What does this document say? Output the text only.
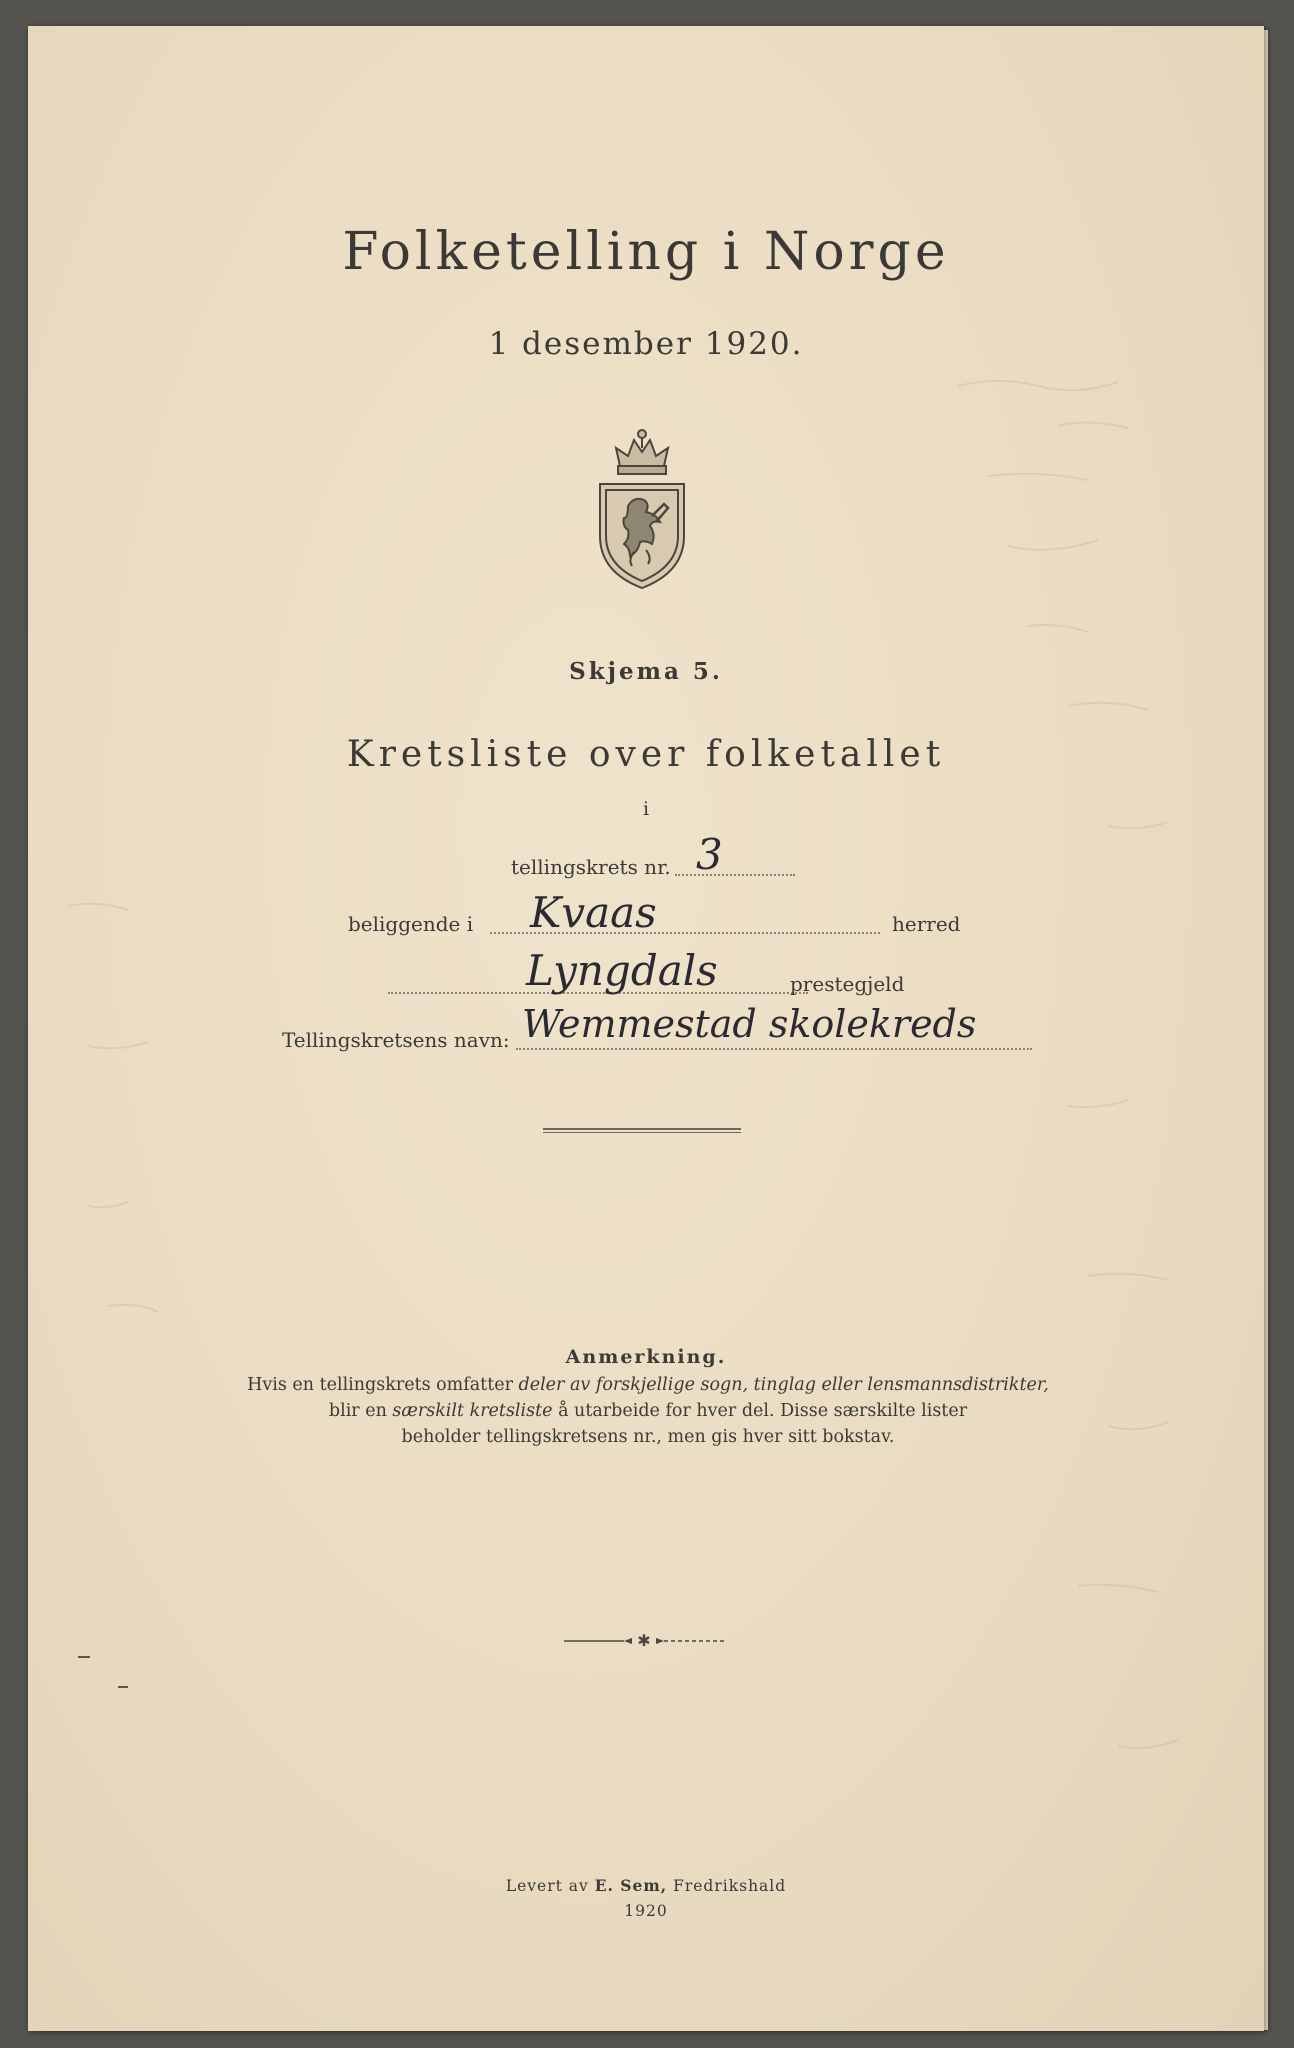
Folketelling i Norge
1 desember 1920.
Skjema 5.
Kretsliste over folketallet
i
tellingskrets nr. 3
beliggende i Kvaas	herred
Lyngdals	prestegjeld
Tellingskretsens navn: Wemmestad skolekreds
Anmerkning.
Hvis en tellingskrets omfatter deler av forskjellige sogn, tinglag eller lensmannsdistrikter,
blir en særskilt kretsliste å utarbeide for hver del. Disse særskilte lister
beholder tellingskretsens nr., men gis hver sitt bokstav.
✱
Levert av E. Sem, Fredrikshald
1920
